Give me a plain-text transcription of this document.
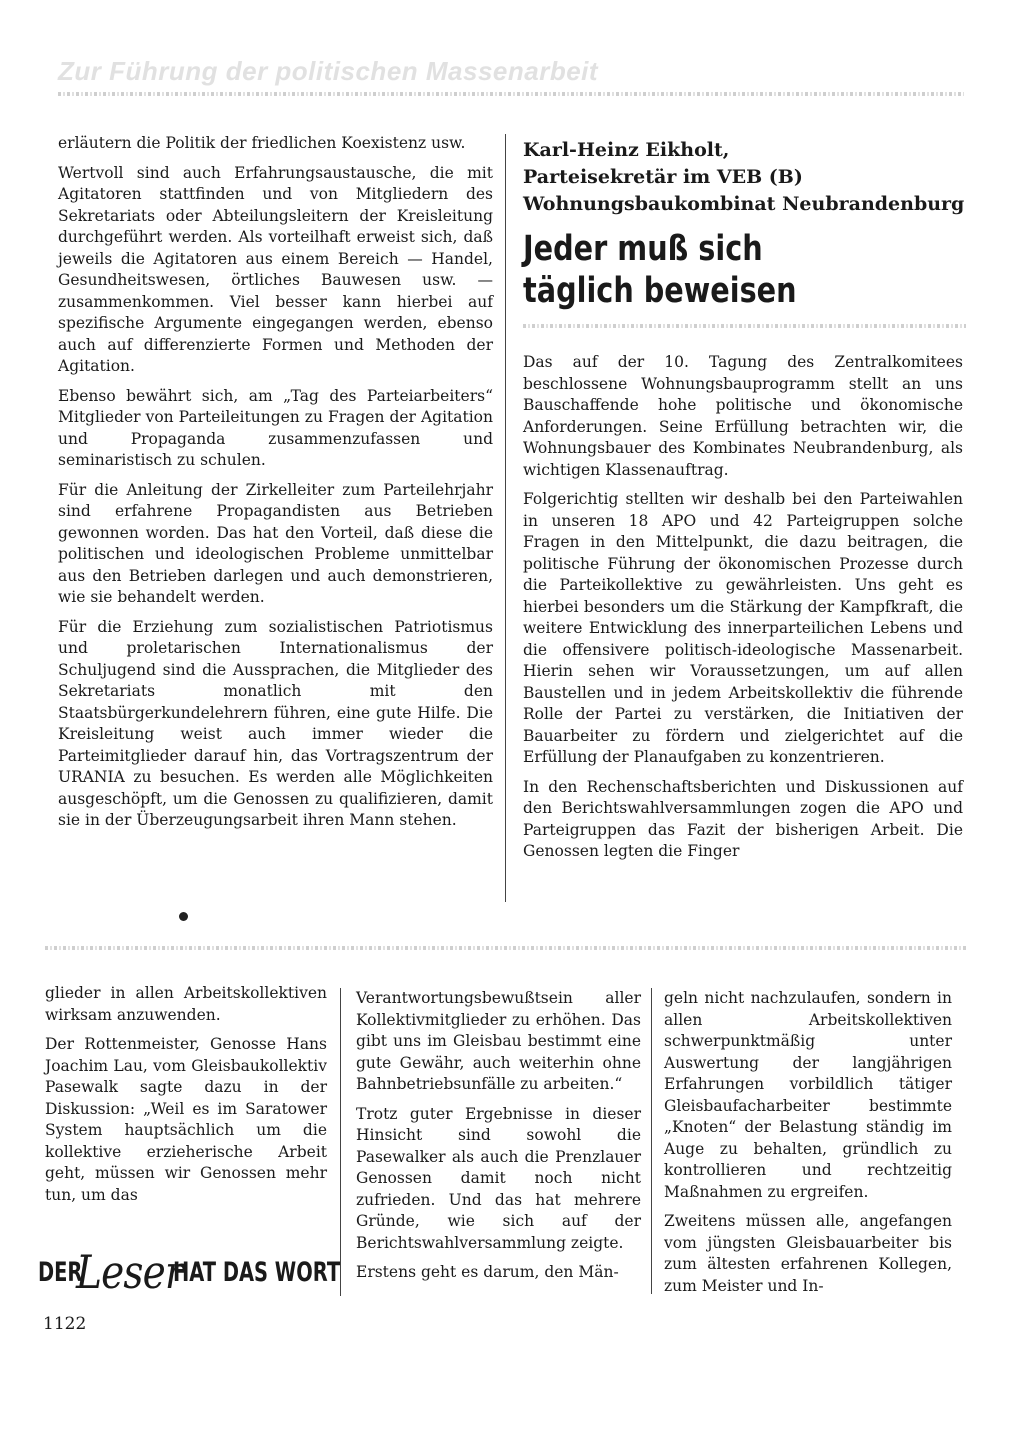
Zur Führung der politischen Massenarbeit

erläutern die Politik der friedlichen Koexistenz usw.

Wertvoll sind auch Erfahrungsaustausche, die mit Agitatoren stattfinden und von Mitgliedern des Sekretariats oder Abteilungsleitern der Kreisleitung durchgeführt werden. Als vorteilhaft erweist sich, daß jeweils die Agitatoren aus einem Bereich — Handel, Gesundheitswesen, örtliches Bauwesen usw. — zusammenkommen. Viel besser kann hierbei auf spezifische Argumente eingegangen werden, ebenso auch auf differenzierte Formen und Methoden der Agitation.

Ebenso bewährt sich, am „Tag des Parteiarbeiters“ Mitglieder von Parteileitungen zu Fragen der Agitation und Propaganda zusammenzufassen und seminaristisch zu schulen.

Für die Anleitung der Zirkelleiter zum Parteilehrjahr sind erfahrene Propagandisten aus Betrieben gewonnen worden. Das hat den Vorteil, daß diese die politischen und ideologischen Probleme unmittelbar aus den Betrieben darlegen und auch demonstrieren, wie sie behandelt werden.

Für die Erziehung zum sozialistischen Patriotismus und proletarischen Internationalismus der Schuljugend sind die Aussprachen, die Mitglieder des Sekretariats monatlich mit den Staatsbürgerkundelehrern führen, eine gute Hilfe. Die Kreisleitung weist auch immer wieder die Parteimitglieder darauf hin, das Vortragszentrum der URANIA zu besuchen. Es werden alle Möglichkeiten ausgeschöpft, um die Genossen zu qualifizieren, damit sie in der Überzeugungsarbeit ihren Mann stehen.

Karl-Heinz Eikholt,
Parteisekretär im VEB (B)
Wohnungsbaukombinat Neubrandenburg
Jeder muß sich
täglich beweisen

Das auf der 10. Tagung des Zentralkomitees beschlossene Wohnungsbauprogramm stellt an uns Bauschaffende hohe politische und ökonomische Anforderungen. Seine Erfüllung betrachten wir, die Wohnungsbauer des Kombinates Neubrandenburg, als wichtigen Klassenauftrag.

Folgerichtig stellten wir deshalb bei den Parteiwahlen in unseren 18 APO und 42 Parteigruppen solche Fragen in den Mittelpunkt, die dazu beitragen, die politische Führung der ökonomischen Prozesse durch die Parteikollektive zu gewährleisten. Uns geht es hierbei besonders um die Stärkung der Kampfkraft, die weitere Entwicklung des innerparteilichen Lebens und die offensivere politisch-ideologische Massenarbeit. Hierin sehen wir Voraussetzungen, um auf allen Baustellen und in jedem Arbeitskollektiv die führende Rolle der Partei zu verstärken, die Initiativen der Bauarbeiter zu fördern und zielgerichtet auf die Erfüllung der Planaufgaben zu konzentrieren.

In den Rechenschaftsberichten und Diskussionen auf den Berichtswahlversammlungen zogen die APO und Parteigruppen das Fazit der bisherigen Arbeit. Die Genossen legten die Finger

glieder in allen Arbeitskollektiven wirksam anzuwenden.

Der Rottenmeister, Genosse Hans Joachim Lau, vom Gleisbaukollektiv Pasewalk sagte dazu in der Diskussion: „Weil es im Saratower System hauptsächlich um die kollektive erzieherische Arbeit geht, müssen wir Genossen mehr tun, um das

Verantwortungsbewußtsein aller Kollektivmitglieder zu erhöhen. Das gibt uns im Gleisbau bestimmt eine gute Gewähr, auch weiterhin ohne Bahnbetriebsunfälle zu arbeiten.“

Trotz guter Ergebnisse in dieser Hinsicht sind sowohl die Pasewalker als auch die Prenzlauer Genossen damit noch nicht zufrieden. Und das hat mehrere Gründe, wie sich auf der Berichtswahlversammlung zeigte.

Erstens geht es darum, den Män-

geln nicht nachzulaufen, sondern in allen Arbeitskollektiven schwerpunktmäßig unter Auswertung der langjährigen Erfahrungen vorbildlich tätiger Gleisbaufacharbeiter bestimmte „Knoten“ der Belastung ständig im Auge zu behalten, gründlich zu kontrollieren und rechtzeitig Maßnahmen zu ergreifen.

Zweitens müssen alle, angefangen vom jüngsten Gleisbauarbeiter bis zum ältesten erfahrenen Kollegen, zum Meister und In-

DER
Leser
HAT DAS WORT
1122
